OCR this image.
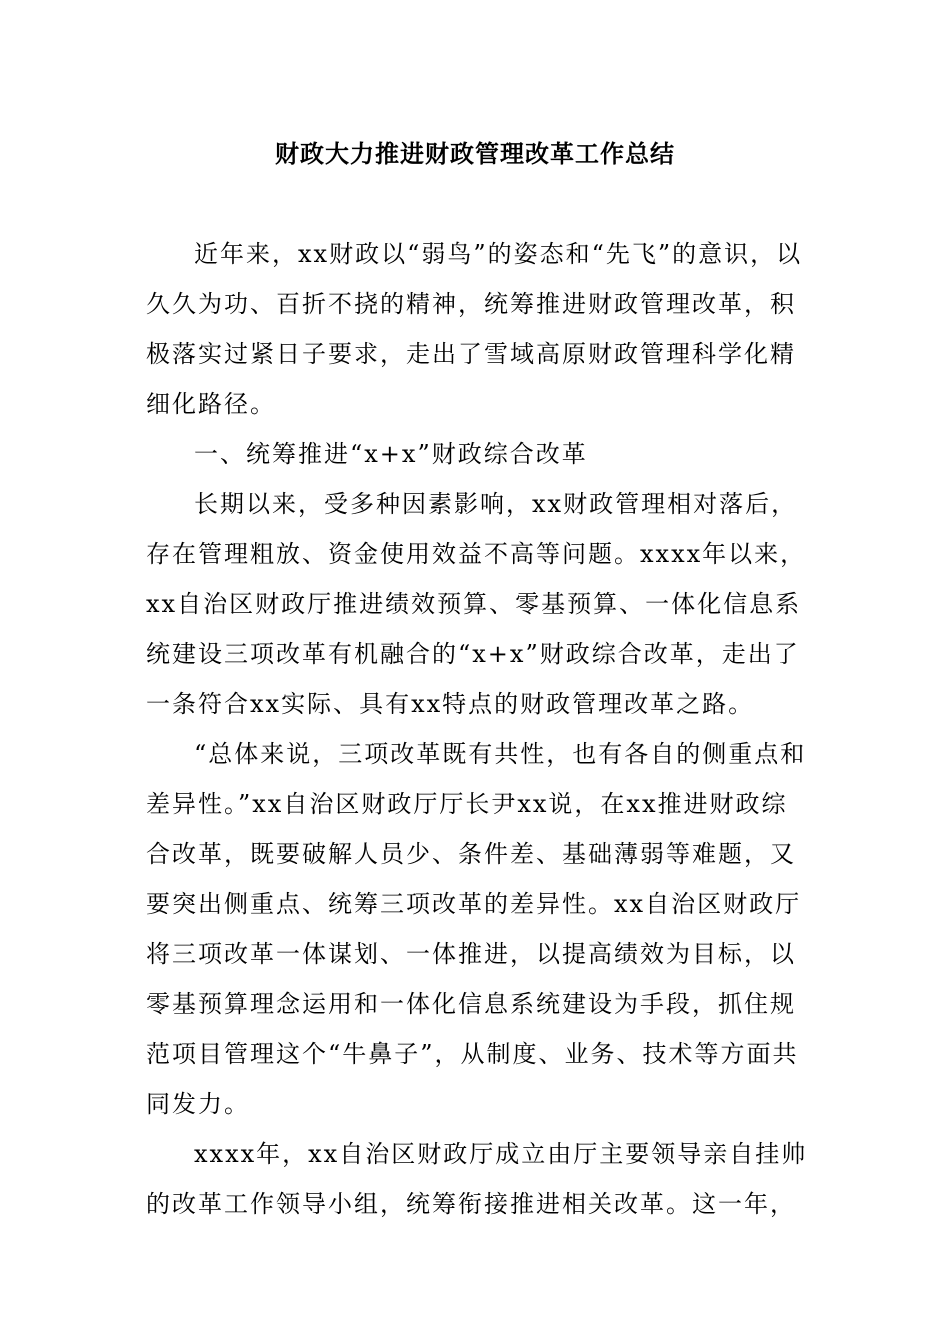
财政大力推进财政管理改革工作总结

近年来，xx财政以“弱鸟”的姿态和“先飞”的意识，以久久为功、百折不挠的精神，统筹推进财政管理改革，积极落实过紧日子要求，走出了雪域高原财政管理科学化精细化路径。

一、统筹推进“x+x”财政综合改革

长期以来，受多种因素影响，xx财政管理相对落后，存在管理粗放、资金使用效益不高等问题。xxxx年以来，xx自治区财政厅推进绩效预算、零基预算、一体化信息系统建设三项改革有机融合的“x+x”财政综合改革，走出了一条符合xx实际、具有xx特点的财政管理改革之路。

“总体来说，三项改革既有共性，也有各自的侧重点和差异性。”xx自治区财政厅厅长尹xx说，在xx推进财政综合改革，既要破解人员少、条件差、基础薄弱等难题，又要突出侧重点、统筹三项改革的差异性。xx自治区财政厅将三项改革一体谋划、一体推进，以提高绩效为目标，以零基预算理念运用和一体化信息系统建设为手段，抓住规范项目管理这个“牛鼻子”，从制度、业务、技术等方面共同发力。

xxxx年，xx自治区财政厅成立由厅主要领导亲自挂帅的改革工作领导小组，统筹衔接推进相关改革。这一年，
